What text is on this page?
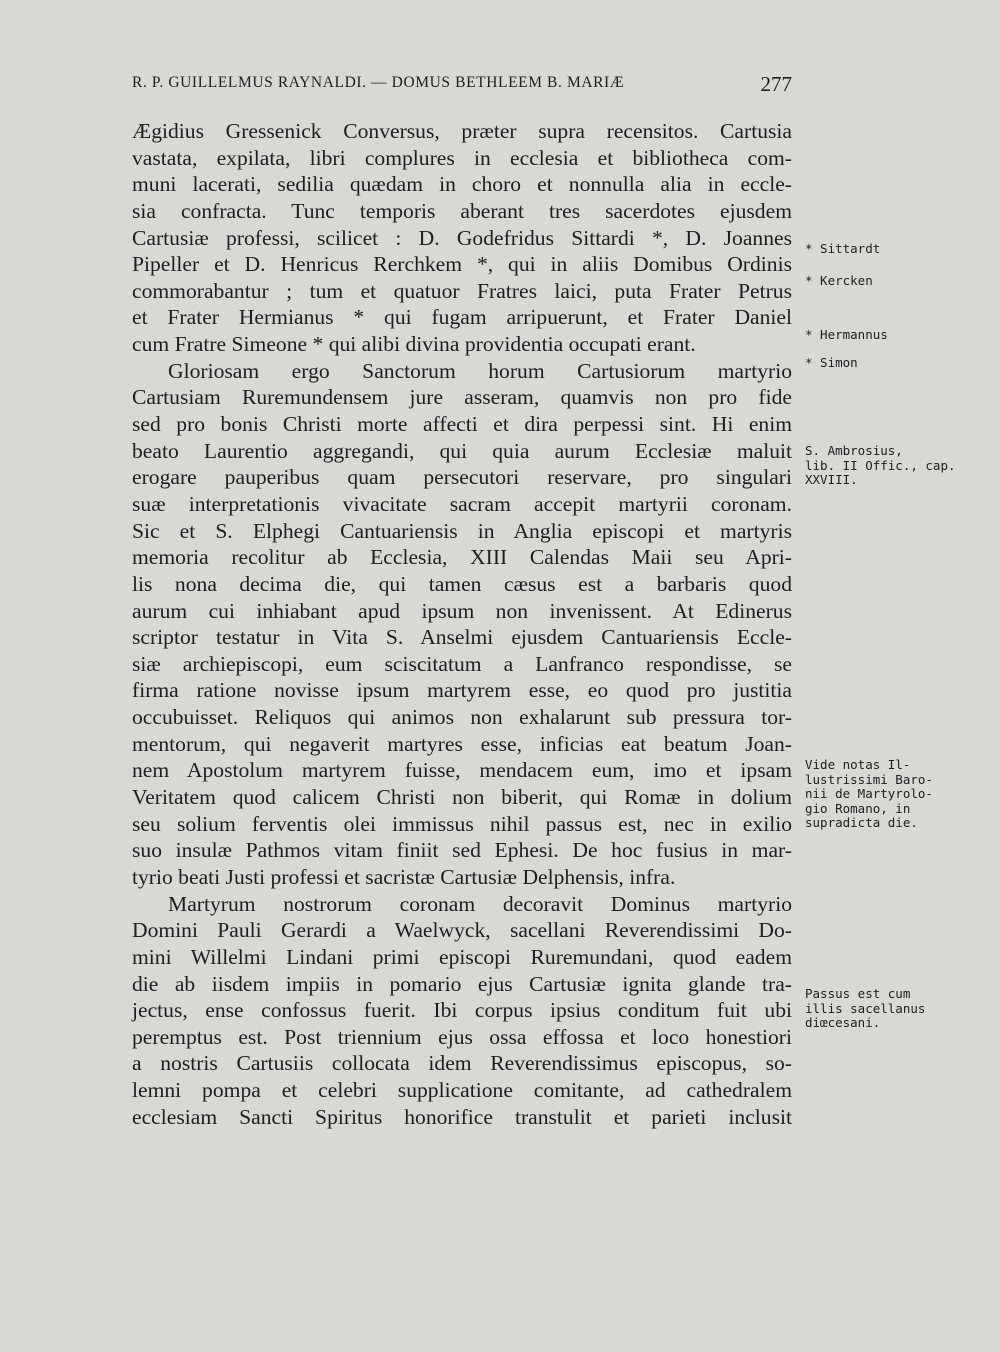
R. P. GUILLELMUS RAYNALDI. — DOMUS BETHLEEM B. MARIÆ	277
Ægidius Gressenick Conversus, præter supra recensitos. Cartusia
vastata, expilata, libri complures in ecclesia et bibliotheca com-
muni lacerati, sedilia quædam in choro et nonnulla alia in eccle-
sia confracta. Tunc temporis aberant tres sacerdotes ejusdem
Cartusiæ professi, scilicet : D. Godefridus Sittardi *, D. Joannes
Pipeller et D. Henricus Rerchkem *, qui in aliis Domibus Ordinis
commorabantur ; tum et quatuor Fratres laici, puta Frater Petrus
et Frater Hermianus * qui fugam arripuerunt, et Frater Daniel
cum Fratre Simeone * qui alibi divina providentia occupati erant.
Gloriosam ergo Sanctorum horum Cartusiorum martyrio
Cartusiam Ruremundensem jure asseram, quamvis non pro fide
sed pro bonis Christi morte affecti et dira perpessi sint. Hi enim
beato Laurentio aggregandi, qui quia aurum Ecclesiæ maluit
erogare pauperibus quam persecutori reservare, pro singulari
suæ interpretationis vivacitate sacram accepit martyrii coronam.
Sic et S. Elphegi Cantuariensis in Anglia episcopi et martyris
memoria recolitur ab Ecclesia, XIII Calendas Maii seu Apri-
lis nona decima die, qui tamen cæsus est a barbaris quod
aurum cui inhiabant apud ipsum non invenissent. At Edinerus
scriptor testatur in Vita S. Anselmi ejusdem Cantuariensis Eccle-
siæ archiepiscopi, eum sciscitatum a Lanfranco respondisse, se
firma ratione novisse ipsum martyrem esse, eo quod pro justitia
occubuisset. Reliquos qui animos non exhalarunt sub pressura tor-
mentorum, qui negaverit martyres esse, inficias eat beatum Joan-
nem Apostolum martyrem fuisse, mendacem eum, imo et ipsam
Veritatem quod calicem Christi non biberit, qui Romæ in dolium
seu solium ferventis olei immissus nihil passus est, nec in exilio
suo insulæ Pathmos vitam finiit sed Ephesi. De hoc fusius in mar-
tyrio beati Justi professi et sacristæ Cartusiæ Delphensis, infra.
Martyrum nostrorum coronam decoravit Dominus martyrio
Domini Pauli Gerardi a Waelwyck, sacellani Reverendissimi Do-
mini Willelmi Lindani primi episcopi Ruremundani, quod eadem
die ab iisdem impiis in pomario ejus Cartusiæ ignita glande tra-
jectus, ense confossus fuerit. Ibi corpus ipsius conditum fuit ubi
peremptus est. Post triennium ejus ossa effossa et loco honestiori
a nostris Cartusiis collocata idem Reverendissimus episcopus, so-
lemni pompa et celebri supplicatione comitante, ad cathedralem
ecclesiam Sancti Spiritus honorifice transtulit et parieti inclusit
* Sittardt
* Kercken
* Hermannus
* Simon
S. Ambrosius,
lib. II Offic., cap.
XXVIII.
Vide notas Il-
lustrissimi Baro-
nii de Martyrolo-
gio Romano, in
supradicta die.
Passus est cum
illis sacellanus
diœcesani.
